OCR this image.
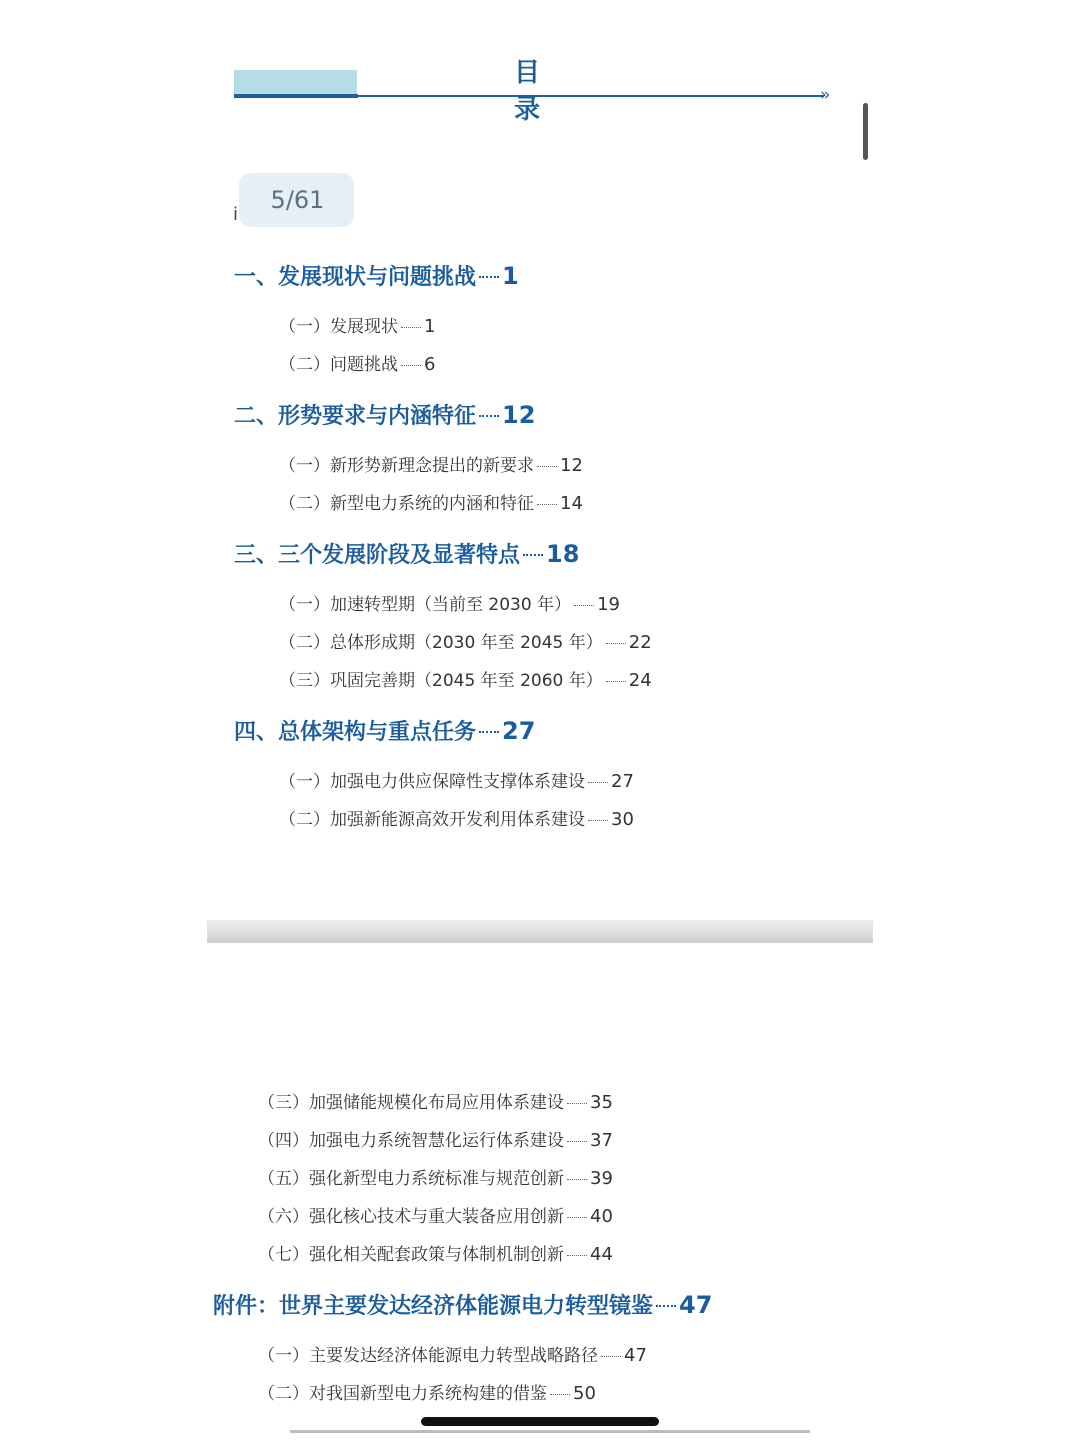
»
目 录
i
5/61
一、发展现状与问题挑战 1
（一）发展现状 1
（二）问题挑战 6
二、形势要求与内涵特征 12
（一）新形势新理念提出的新要求 12
（二）新型电力系统的内涵和特征 14
三、三个发展阶段及显著特点 18
（一）加速转型期（当前至 2030 年） 19
（二）总体形成期（2030 年至 2045 年） 22
（三）巩固完善期（2045 年至 2060 年） 24
四、总体架构与重点任务 27
（一）加强电力供应保障性支撑体系建设 27
（二）加强新能源高效开发利用体系建设 30
（三）加强储能规模化布局应用体系建设 35
（四）加强电力系统智慧化运行体系建设 37
（五）强化新型电力系统标准与规范创新 39
（六）强化核心技术与重大装备应用创新 40
（七）强化相关配套政策与体制机制创新 44
附件：世界主要发达经济体能源电力转型镜鉴 47
（一）主要发达经济体能源电力转型战略路径 47
（二）对我国新型电力系统构建的借鉴 50
